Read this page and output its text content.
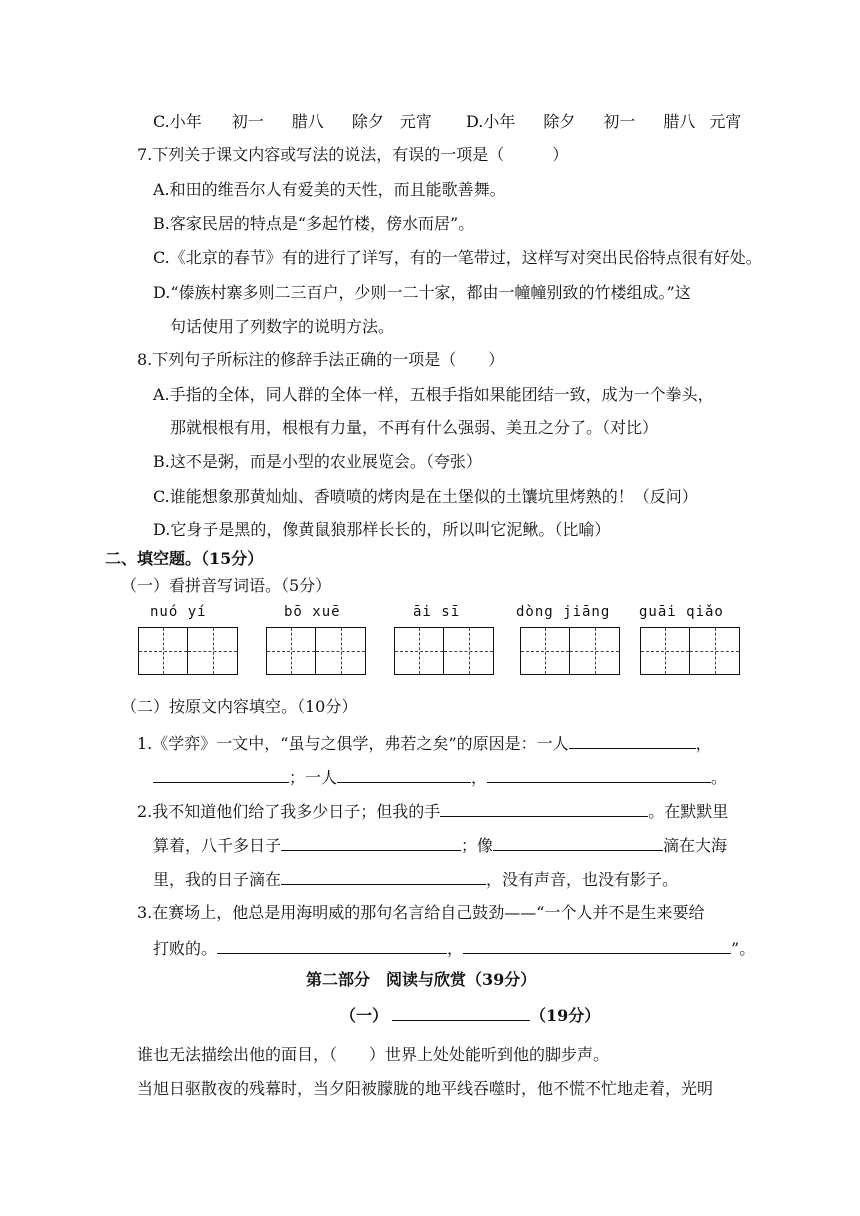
C.小年 初一 腊八 除夕 元宵 D.小年 除夕 初一 腊八 元宵
7.下列关于课文内容或写法的说法，有误的一项是（　　　）
A.和田的维吾尔人有爱美的天性，而且能歌善舞。
B.客家民居的特点是“多起竹楼，傍水而居”。
C.《北京的春节》有的进行了详写，有的一笔带过，这样写对突出民俗特点很有好处。
D.“傣族村寨多则二三百户，少则一二十家，都由一幢幢别致的竹楼组成。”这
句话使用了列数字的说明方法。
8.下列句子所标注的修辞手法正确的一项是（　　）
A.手指的全体，同人群的全体一样，五根手指如果能团结一致，成为一个拳头，
那就根根有用，根根有力量，不再有什么强弱、美丑之分了。（对比）
B.这不是粥，而是小型的农业展览会。（夸张）
C.谁能想象那黄灿灿、香喷喷的烤肉是在土堡似的土馕坑里烤熟的！（反问）
D.它身子是黑的，像黄鼠狼那样长长的，所以叫它泥鳅。（比喻）
二、填空题。（15分）
（一）看拼音写词语。（5分）
nuó yí	bō xuē	āi sī	dòng jiāng guāi qiǎo
（二）按原文内容填空。（10分）
1.《学弈》一文中，“虽与之俱学，弗若之矣”的原因是：一人	，
；一人	，	。
2.我不知道他们给了我多少日子；但我的手	。在默默里
算着，八千多日子	；像	滴在大海
里，我的日子滴在	，没有声音，也没有影子。
3.在赛场上，他总是用海明威的那句名言给自己鼓劲——“一个人并不是生来要给
打败的。	，	”。
第二部分　阅读与欣赏（39分）
（一）	（19分）
谁也无法描绘出他的面目，（　　）世界上处处能听到他的脚步声。
当旭日驱散夜的残幕时，当夕阳被朦胧的地平线吞噬时，他不慌不忙地走着，光明
